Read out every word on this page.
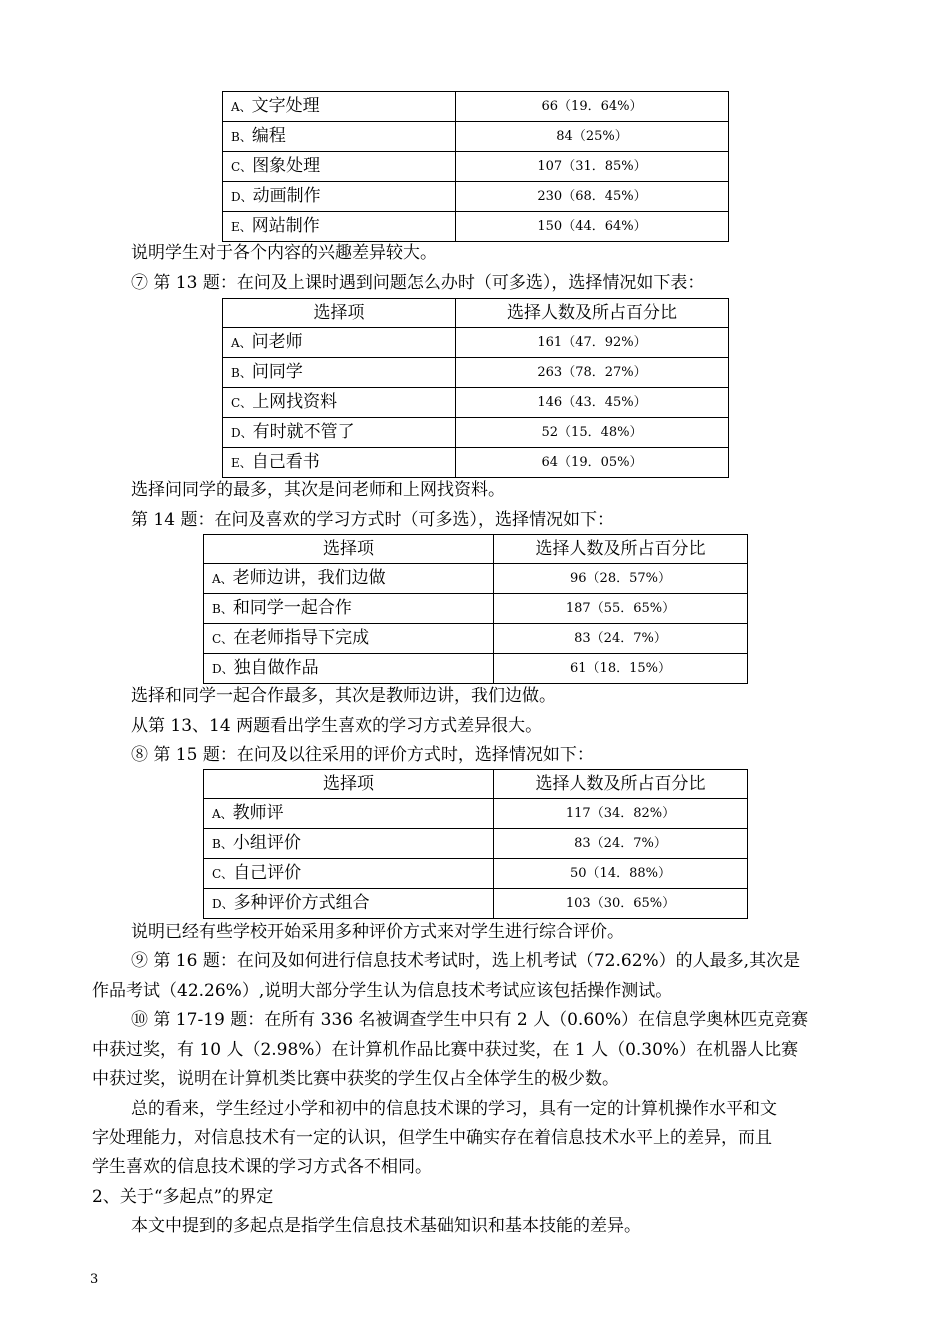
A、文字处理	66（19．64%）
B、编程	84（25%）
C、图象处理	107（31．85%）
D、动画制作	230（68．45%）
E、网站制作	150（44．64%）
说明学生对于各个内容的兴趣差异较大。
⑦ 第 13 题：在问及上课时遇到问题怎么办时（可多选），选择情况如下表：
选择项	选择人数及所占百分比
A、问老师	161（47．92%）
B、问同学	263（78．27%）
C、上网找资料	146（43．45%）
D、有时就不管了	52（15．48%）
E、自己看书	64（19．05%）
选择问同学的最多，其次是问老师和上网找资料。
第 14 题：在问及喜欢的学习方式时（可多选），选择情况如下：
选择项	选择人数及所占百分比
A、老师边讲，我们边做	96（28．57%）
B、和同学一起合作	187（55．65%）
C、在老师指导下完成	83（24．7%）
D、独自做作品	61（18．15%）
选择和同学一起合作最多，其次是教师边讲，我们边做。
从第 13、14 两题看出学生喜欢的学习方式差异很大。
⑧ 第 15 题：在问及以往采用的评价方式时，选择情况如下：
选择项	选择人数及所占百分比
A、教师评	117（34．82%）
B、小组评价	83（24．7%）
C、自己评价	50（14．88%）
D、多种评价方式组合	103（30．65%）
说明已经有些学校开始采用多种评价方式来对学生进行综合评价。
⑨ 第 16 题：在问及如何进行信息技术考试时，选上机考试（72.62%）的人最多,其次是
作品考试（42.26%）,说明大部分学生认为信息技术考试应该包括操作测试。
⑩ 第 17-19 题：在所有 336 名被调查学生中只有 2 人（0.60%）在信息学奥林匹克竞赛
中获过奖，有 10 人（2.98%）在计算机作品比赛中获过奖，在 1 人（0.30%）在机器人比赛
中获过奖，说明在计算机类比赛中获奖的学生仅占全体学生的极少数。
总的看来，学生经过小学和初中的信息技术课的学习，具有一定的计算机操作水平和文
字处理能力，对信息技术有一定的认识，但学生中确实存在着信息技术水平上的差异，而且
学生喜欢的信息技术课的学习方式各不相同。
2、关于“多起点”的界定
本文中提到的多起点是指学生信息技术基础知识和基本技能的差异。
3
